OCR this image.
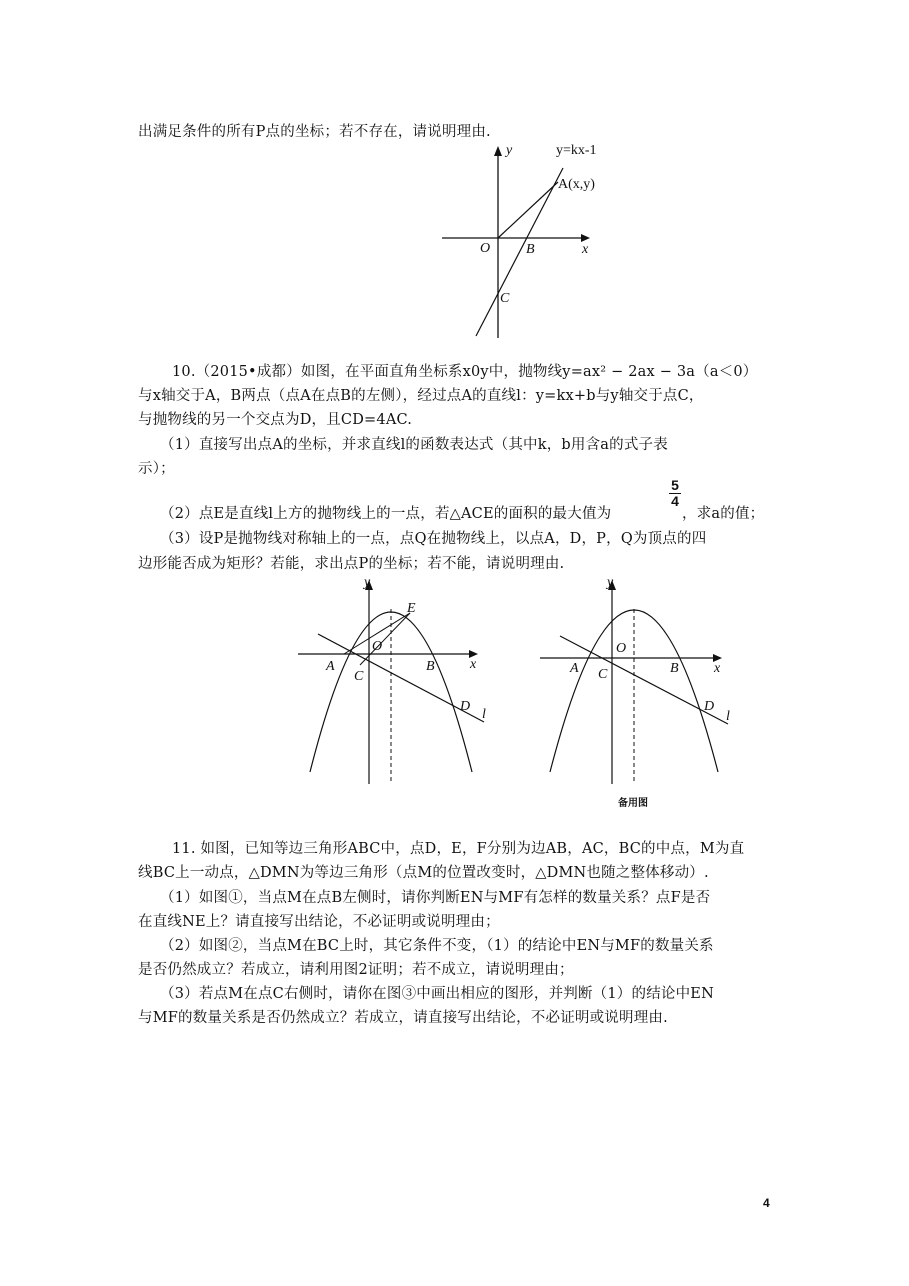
出满足条件的所有P点的坐标；若不存在，请说明理由.
y	y=kx-1
A(x,y)
O	B	x
C
10.（2015•成都）如图，在平面直角坐标系x0y中，抛物线y=ax² − 2ax − 3a（a＜0）
与x轴交于A，B两点（点A在点B的左侧），经过点A的直线l：y=kx+b与y轴交于点C，
与抛物线的另一个交点为D，且CD=4AC.
（1）直接写出点A的坐标，并求直线l的函数表达式（其中k，b用含a的式子表
示）；
（2）点E是直线l上方的抛物线上的一点，若△ACE的面积的最大值为
5
4
，求a的值；
（3）设P是抛物线对称轴上的一点，点Q在抛物线上，以点A，D，P，Q为顶点的四
边形能否成为矩形？若能，求出点P的坐标；若不能，请说明理由.
y
E
O
A	B	x
C
D
l
y
O
A	B	x
C
D
l
备用图
11. 如图，已知等边三角形ABC中，点D，E，F分别为边AB，AC，BC的中点，M为直
线BC上一动点，△DMN为等边三角形（点M的位置改变时，△DMN也随之整体移动）.
（1）如图①，当点M在点B左侧时，请你判断EN与MF有怎样的数量关系？点F是否
在直线NE上？请直接写出结论，不必证明或说明理由；
（2）如图②，当点M在BC上时，其它条件不变，（1）的结论中EN与MF的数量关系
是否仍然成立？若成立，请利用图2证明；若不成立，请说明理由；
（3）若点M在点C右侧时，请你在图③中画出相应的图形，并判断（1）的结论中EN
与MF的数量关系是否仍然成立？若成立，请直接写出结论，不必证明或说明理由.
4
